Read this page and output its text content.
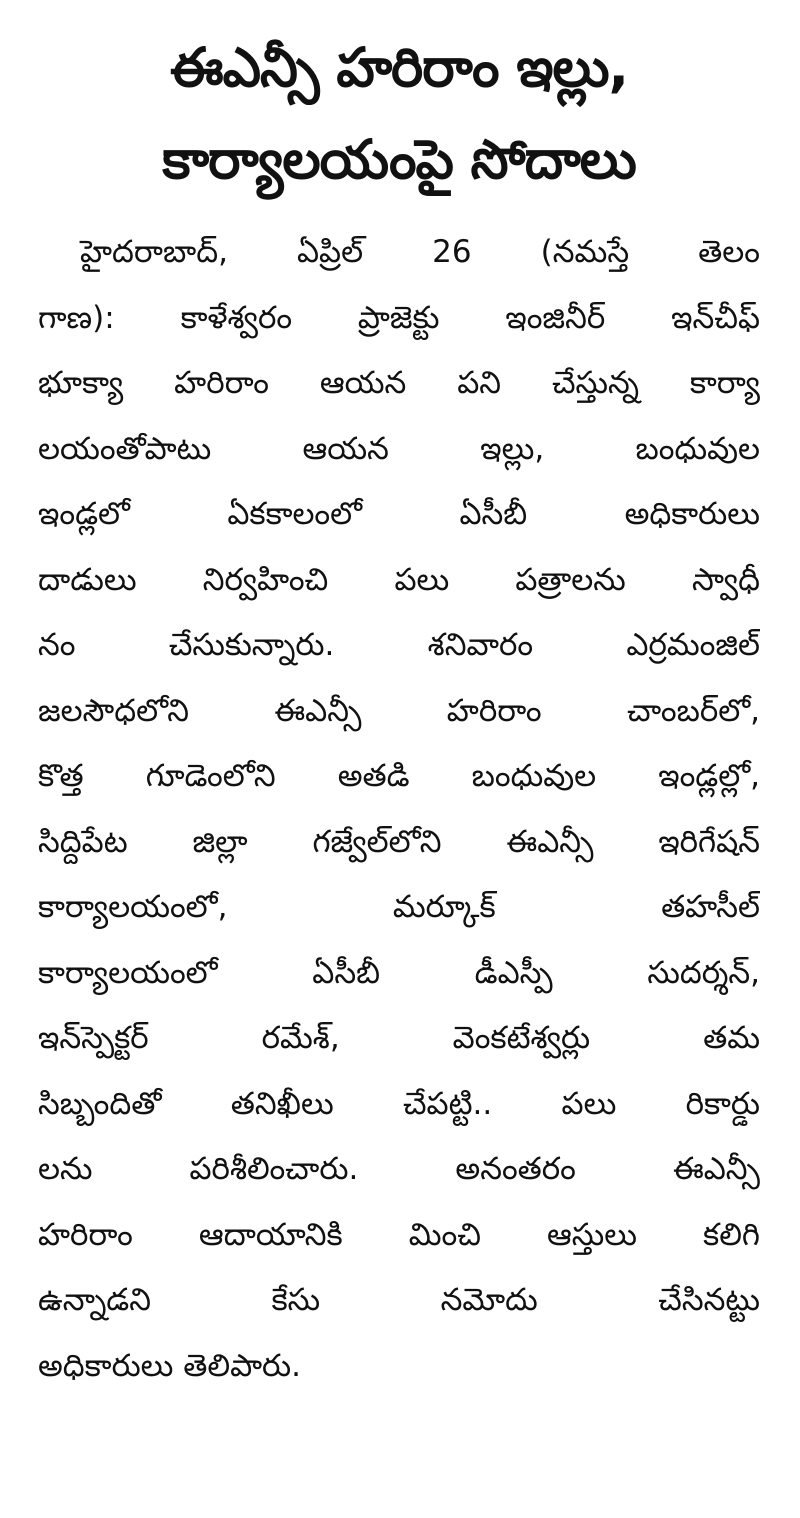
ఈఎన్సీ హరిరాం ఇల్లు,
కార్యాలయంపై సోదాలు
హైదరాబాద్, ఏప్రిల్ 26 (నమస్తే తెలం
గాణ): కాళేశ్వరం ప్రాజెక్టు ఇంజినీర్ ఇన్‌చీఫ్
భూక్యా హరిరాం ఆయన పని చేస్తున్న కార్యా
లయంతోపాటు ఆయన ఇల్లు, బంధువుల
ఇండ్లలో ఏకకాలంలో ఏసీబీ అధికారులు
దాడులు నిర్వహించి పలు పత్రాలను స్వాధీ
నం చేసుకున్నారు. శనివారం ఎర్రమంజిల్
జలసౌధలోని ఈఎన్సీ హరిరాం చాంబర్‌లో,
కొత్త గూడెంలోని అతడి బంధువుల ఇండ్లల్లో,
సిద్దిపేట జిల్లా గజ్వేల్‌లోని ఈఎన్సీ ఇరిగేషన్
కార్యాలయంలో, మర్కూక్ తహసీల్
కార్యాలయంలో ఏసీబీ డీఎస్పీ సుదర్శన్,
ఇన్‌స్పెక్టర్ రమేశ్, వెంకటేశ్వర్లు తమ
సిబ్బందితో తనిఖీలు చేపట్టి.. పలు రికార్డు
లను పరిశీలించారు. అనంతరం ఈఎన్సీ
హరిరాం ఆదాయానికి మించి ఆస్తులు కలిగి
ఉన్నాడని కేసు నమోదు చేసినట్టు
అధికారులు తెలిపారు.
